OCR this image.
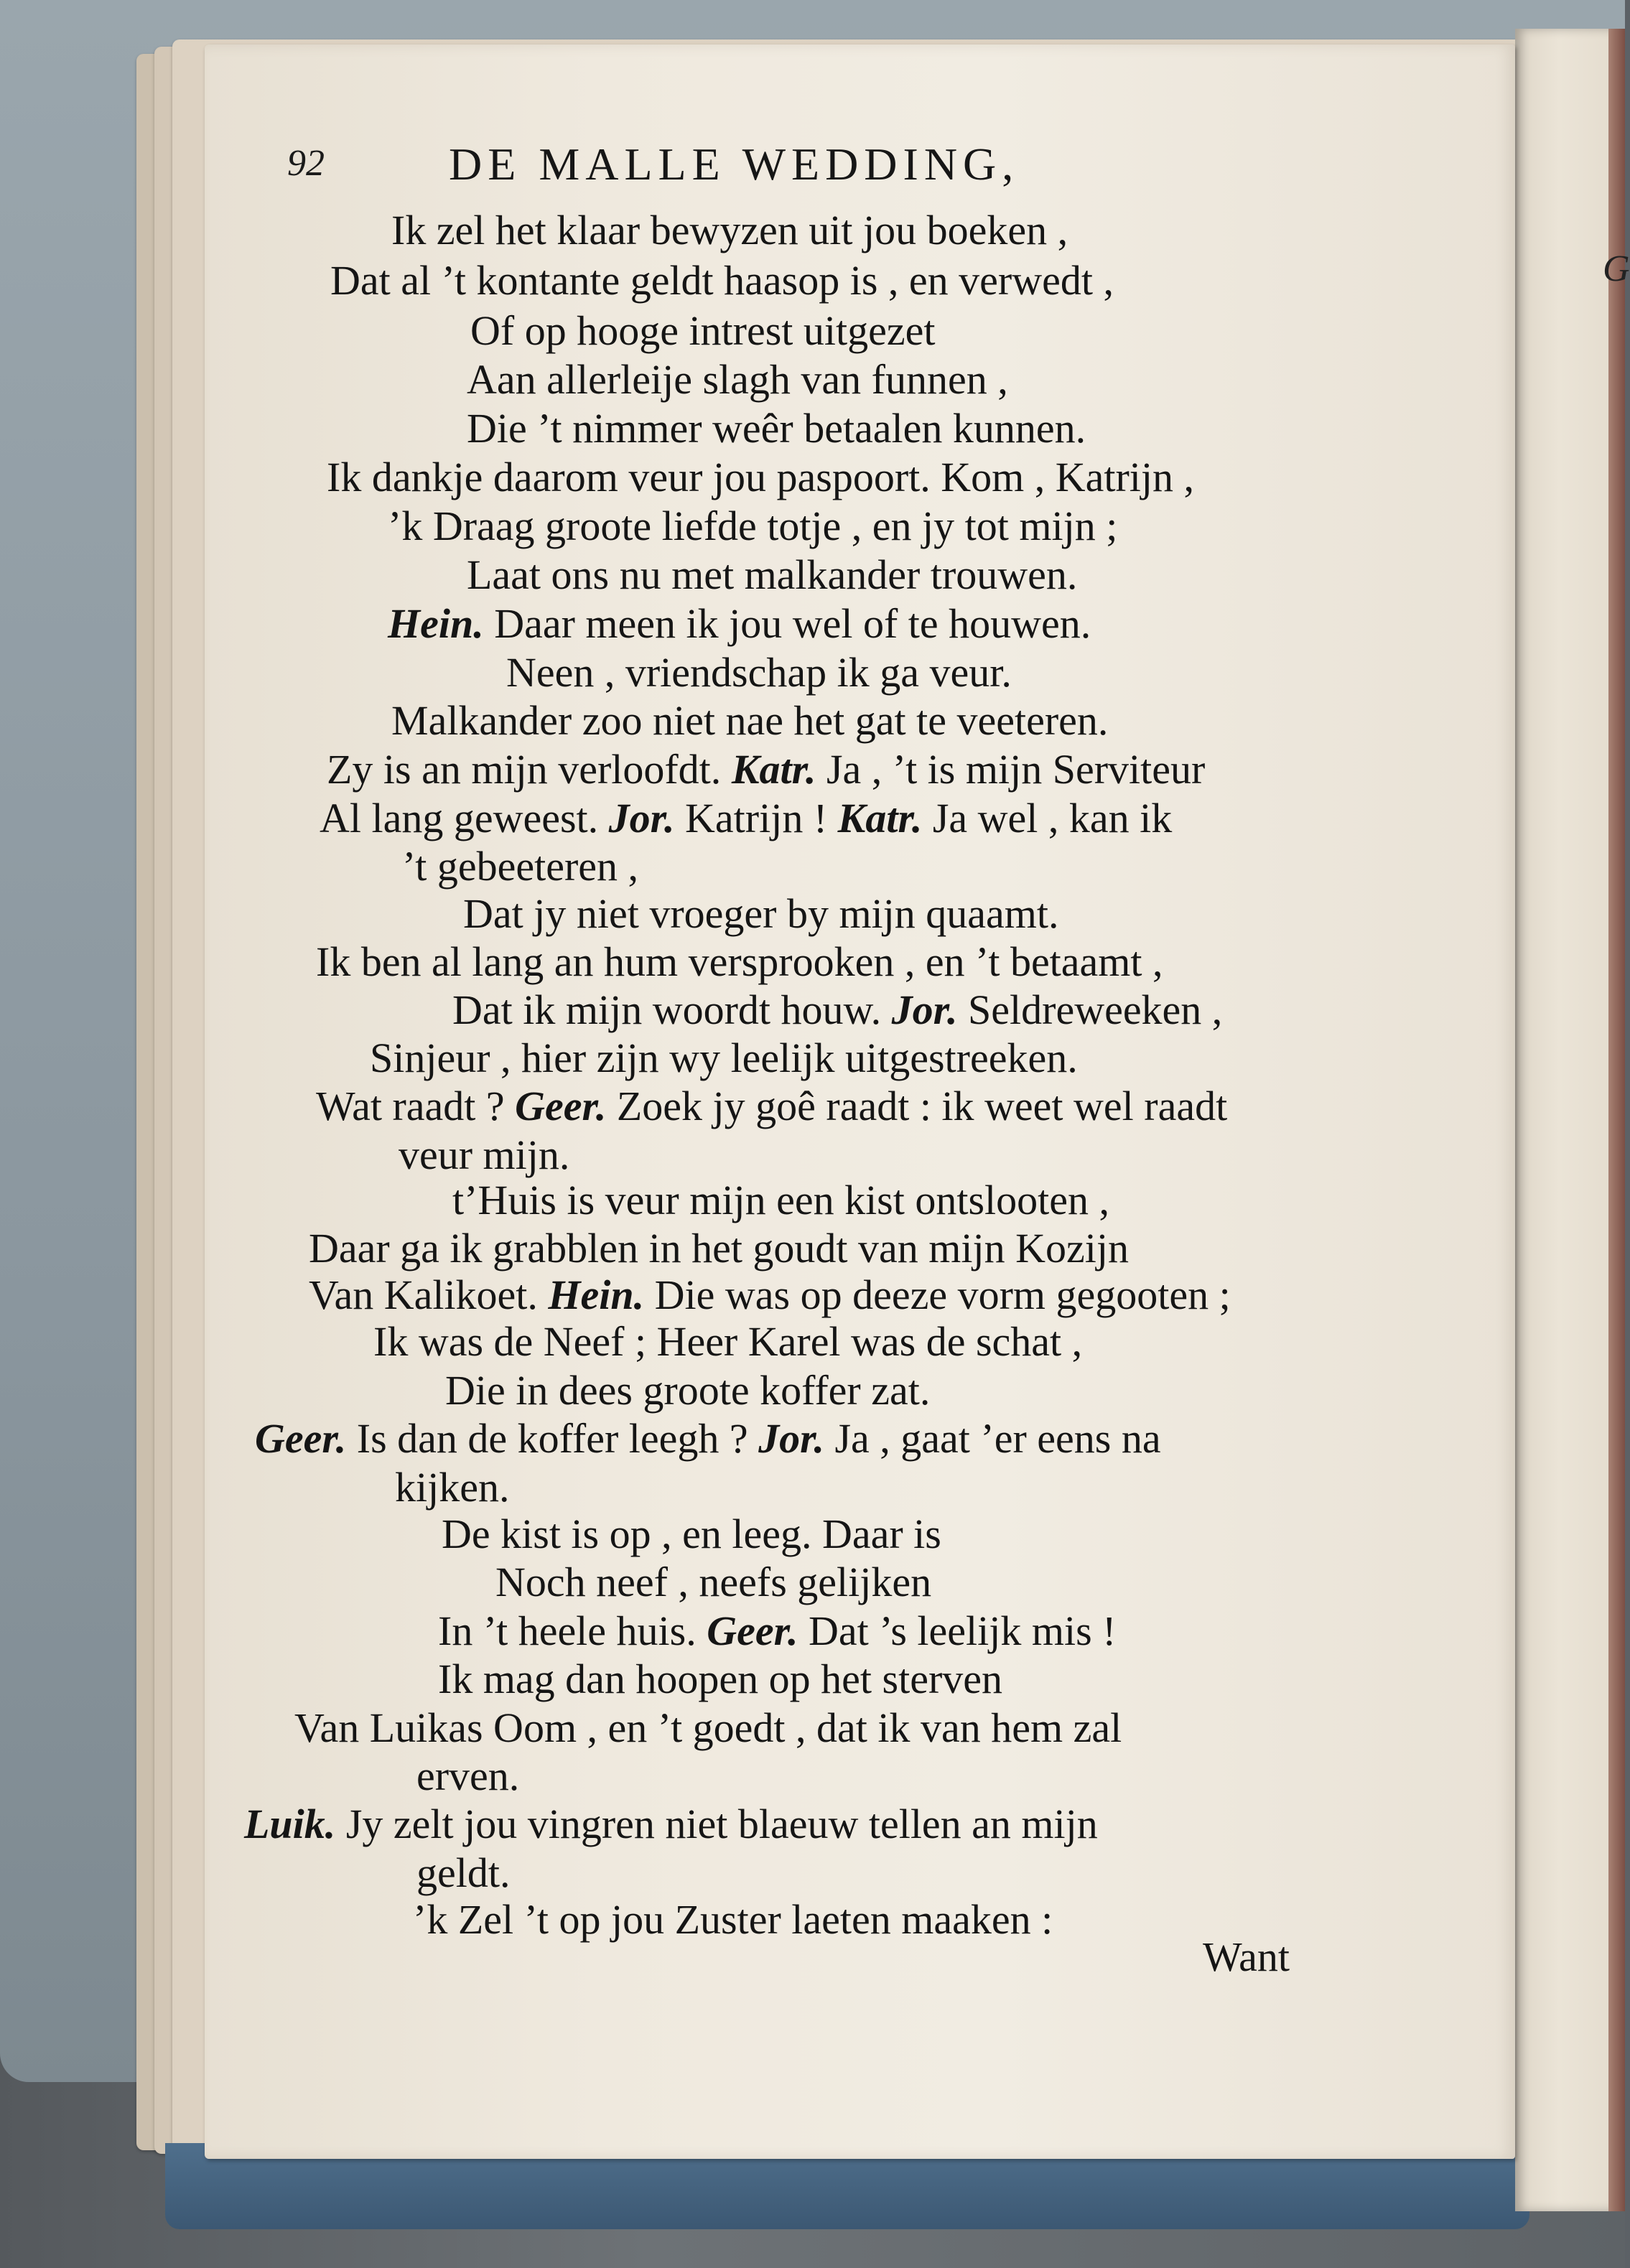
G
92	DE MALLE WEDDING,
Ik zel het klaar bewyzen uit jou boeken ,
Dat al ’t kontante geldt haasop is , en verwedt ,
Of op hooge intrest uitgezet
Aan allerleije slagh van funnen ,
Die ’t nimmer weêr betaalen kunnen.
Ik dankje daarom veur jou paspoort. Kom , Katrijn ,
’k Draag groote liefde totje , en jy tot mijn ;
Laat ons nu met malkander trouwen.
Hein. Daar meen ik jou wel of te houwen.
Neen , vriendschap ik ga veur.
Malkander zoo niet nae het gat te veeteren.
Zy is an mijn verloofdt. Katr. Ja , ’t is mijn Serviteur
Al lang geweest. Jor. Katrijn ! Katr. Ja wel , kan ik
’t gebeeteren ,
Dat jy niet vroeger by mijn quaamt.
Ik ben al lang an hum versprooken , en ’t betaamt ,
Dat ik mijn woordt houw. Jor. Seldreweeken ,
Sinjeur , hier zijn wy leelijk uitgestreeken.
Wat raadt ? Geer. Zoek jy goê raadt : ik weet wel raadt
veur mijn.
t’Huis is veur mijn een kist ontslooten ,
Daar ga ik grabblen in het goudt van mijn Kozijn
Van Kalikoet. Hein. Die was op deeze vorm gegooten ;
Ik was de Neef ; Heer Karel was de schat ,
Die in dees groote koffer zat.
Geer. Is dan de koffer leegh ? Jor. Ja , gaat ’er eens na
kijken.
De kist is op , en leeg. Daar is
Noch neef , neefs gelijken
In ’t heele huis. Geer. Dat ’s leelijk mis !
Ik mag dan hoopen op het sterven
Van Luikas Oom , en ’t goedt , dat ik van hem zal
erven.
Luik. Jy zelt jou vingren niet blaeuw tellen an mijn
geldt.
’k Zel ’t op jou Zuster laeten maaken :
Want
